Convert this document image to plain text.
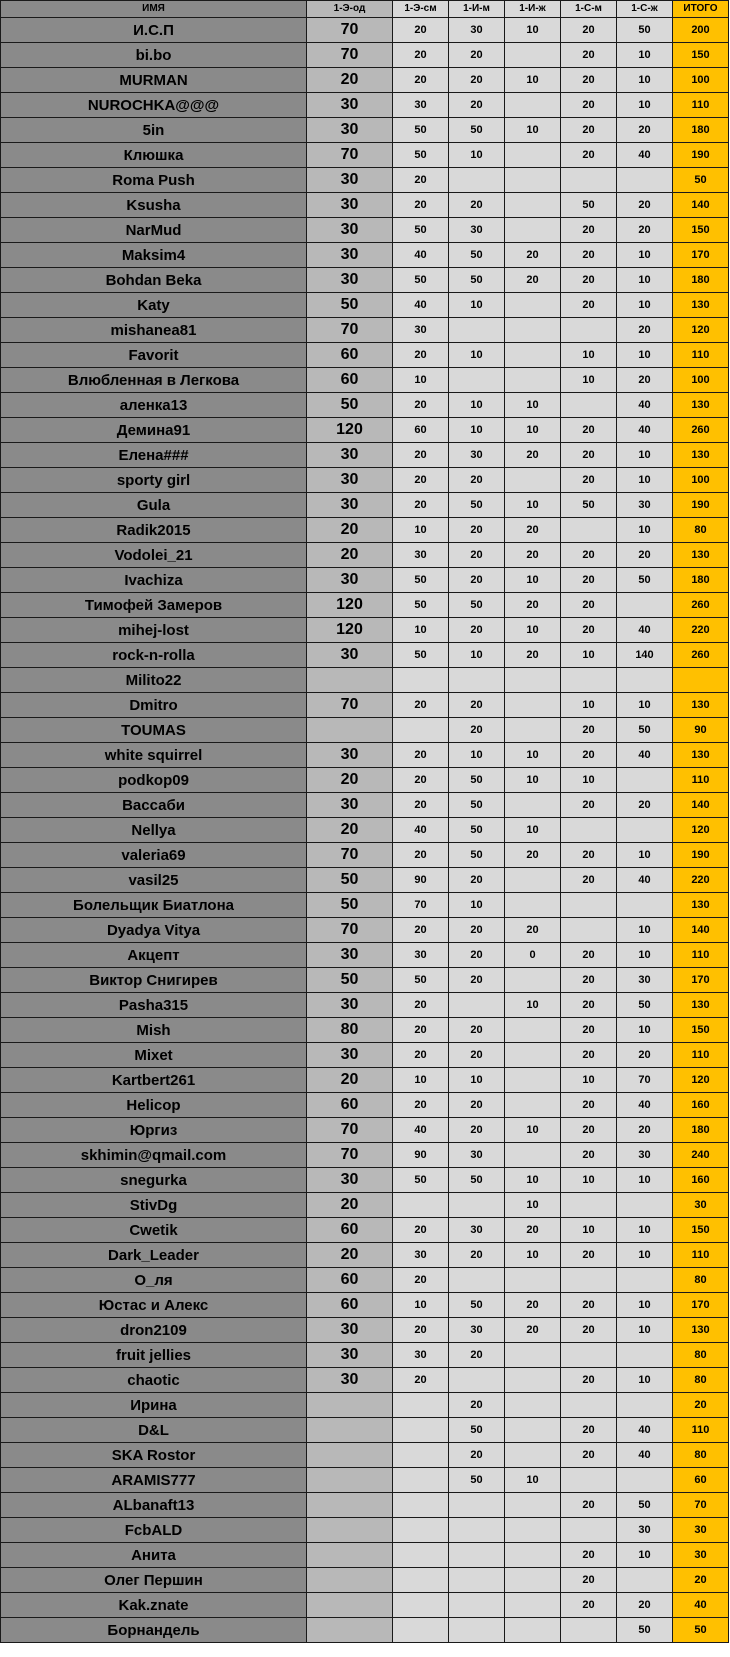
ИМЯ	1-Э-од	1-Э-см	1-И-м	1-И-ж	1-С-м	1-С-ж	ИТОГО
И.С.П	70	20	30	10	20	50	200
bi.bo	70	20	20		20	10	150
MURMAN	20	20	20	10	20	10	100
NUROCHKA@@@	30	30	20		20	10	110
5in	30	50	50	10	20	20	180
Клюшка	70	50	10		20	40	190
Roma Push	30	20					50
Ksusha	30	20	20		50	20	140
NarMud	30	50	30		20	20	150
Maksim4	30	40	50	20	20	10	170
Bohdan Beka	30	50	50	20	20	10	180
Katy	50	40	10		20	10	130
mishanea81	70	30				20	120
Favorit	60	20	10		10	10	110
Влюбленная в Легкова	60	10			10	20	100
аленка13	50	20	10	10		40	130
Демина91	120	60	10	10	20	40	260
Елена###	30	20	30	20	20	10	130
sporty girl	30	20	20		20	10	100
Gula	30	20	50	10	50	30	190
Radik2015	20	10	20	20		10	80
Vodolei_21	20	30	20	20	20	20	130
Ivachiza	30	50	20	10	20	50	180
Тимофей Замеров	120	50	50	20	20		260
mihej-lost	120	10	20	10	20	40	220
rock-n-rolla	30	50	10	20	10	140	260
Milito22							
Dmitro	70	20	20		10	10	130
TOUMAS			20		20	50	90
white squirrel	30	20	10	10	20	40	130
podkop09	20	20	50	10	10		110
Вассаби	30	20	50		20	20	140
Nellya	20	40	50	10			120
valeria69	70	20	50	20	20	10	190
vasil25	50	90	20		20	40	220
Болельщик Биатлона	50	70	10				130
Dyadya Vitya	70	20	20	20		10	140
Акцепт	30	30	20	0	20	10	110
Виктор Снигирев	50	50	20		20	30	170
Pasha315	30	20		10	20	50	130
Mish	80	20	20		20	10	150
Mixet	30	20	20		20	20	110
Kartbert261	20	10	10		10	70	120
Helicop	60	20	20		20	40	160
Юргиз	70	40	20	10	20	20	180
skhimin@qmail.com	70	90	30		20	30	240
snegurka	30	50	50	10	10	10	160
StivDg	20			10			30
Cwetik	60	20	30	20	10	10	150
Dark_Leader	20	30	20	10	20	10	110
О_ля	60	20					80
Юстас и Алекс	60	10	50	20	20	10	170
dron2109	30	20	30	20	20	10	130
fruit jellies	30	30	20				80
chaotic	30	20			20	10	80
Ирина			20				20
D&L			50		20	40	110
SKA Rostor			20		20	40	80
ARAMIS777			50	10			60
ALbanaft13					20	50	70
FcbALD						30	30
Анита					20	10	30
Олег Першин					20		20
Kak.znate					20	20	40
Борнандель						50	50
